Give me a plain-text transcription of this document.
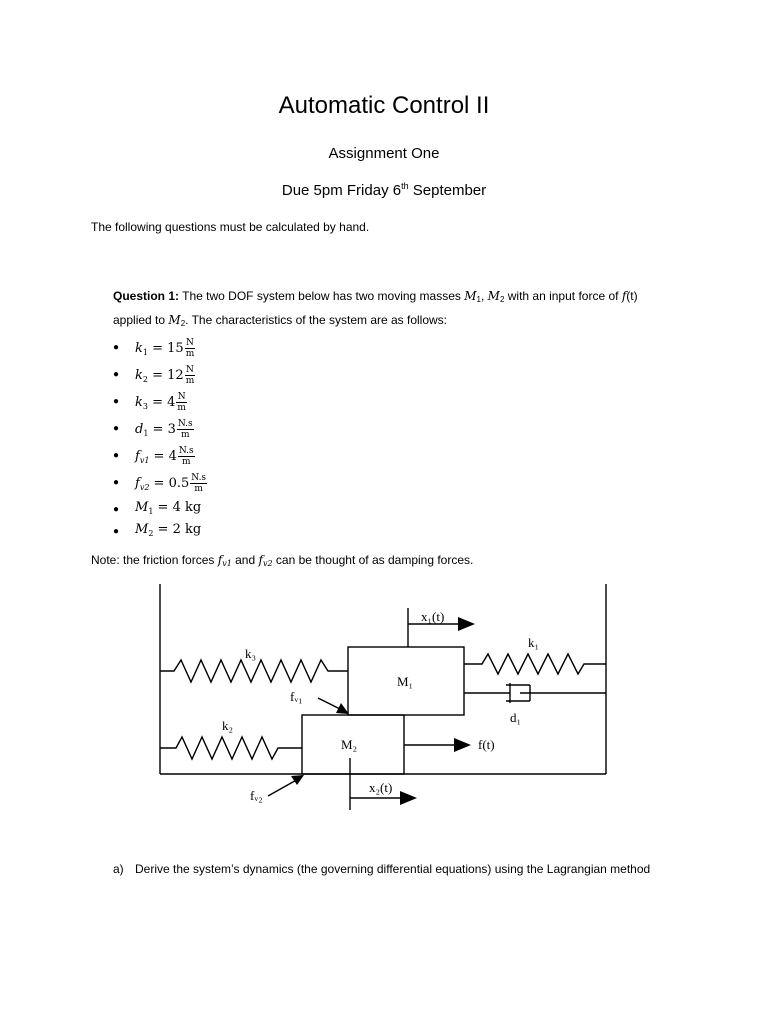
Automatic Control II
Assignment One
Due 5pm Friday 6th September
The following questions must be calculated by hand.
Question 1: The two DOF system below has two moving masses M1, M2 with an input force of f(t)
applied to M2. The characteristics of the system are as follows:
● $k_1 = 15 \frac{N}{m}$
● $k_2 = 12 \frac{N}{m}$
● $k_3 = 4 \frac{N}{m}$
● $d_1 = 3 \frac{N.s}{m}$
● $f_{v1} = 4 \frac{N.s}{m}$
● $f_{v2} = 0.5 \frac{N.s}{m}$
● $M_1 = 4$ kg
● $M_2 = 2$ kg
Note: the friction forces fv1 and fv2 can be thought of as damping forces.
x₁(t)
k₁
k₃
M₁
fᵥ₁
d₁
k₂
M₂	f(t)
x₂(t)
fᵥ₂
a) Derive the system’s dynamics (the governing differential equations) using the Lagrangian method
